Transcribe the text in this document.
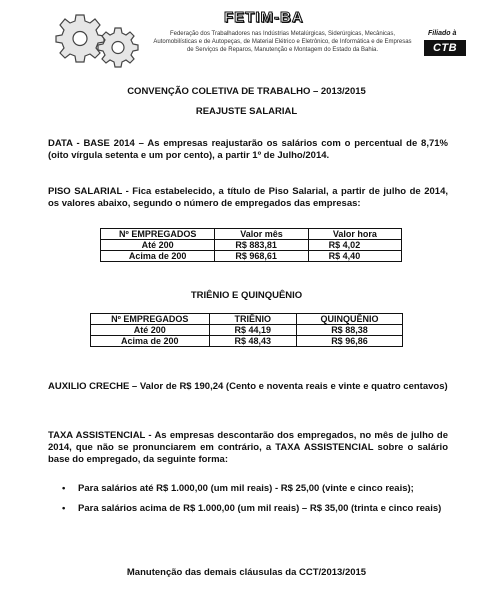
FETIM-BA
Federação dos Trabalhadores nas Indústrias Metalúrgicas, Siderúrgicas, Mecânicas, Automobilísticas e de Autopeças, de Material Elétrico e Eletrônico, de Informática e de Empresas de Serviços de Reparos, Manutenção e Montagem do Estado da Bahia.
Filiado à
CTB
CONVENÇÃO COLETIVA DE TRABALHO – 2013/2015
REAJUSTE SALARIAL
DATA - BASE 2014 – As empresas reajustarão os salários com o percentual de 8,71% (oito vírgula setenta e um por cento), a partir 1º de Julho/2014.
PISO SALARIAL - Fica estabelecido, a título de Piso Salarial, a partir de julho de 2014, os valores abaixo, segundo o número de empregados das empresas:
Nº EMPREGADOS	Valor mês	Valor hora
Até 200	R$ 883,81	R$ 4,02
Acima de 200	R$ 968,61	R$ 4,40
TRIÊNIO E QUINQUÊNIO
Nº EMPREGADOS	TRIÊNIO	QUINQUÊNIO
Até 200	R$ 44,19	R$ 88,38
Acima de 200	R$ 48,43	R$ 96,86
AUXILIO CRECHE – Valor de R$ 190,24 (Cento e noventa reais e vinte e quatro centavos)
TAXA ASSISTENCIAL - As empresas descontarão dos empregados, no mês de julho de 2014, que não se pronunciarem em contrário, a TAXA ASSISTENCIAL sobre o salário base do empregado, da seguinte forma:
• Para salários até R$ 1.000,00 (um mil reais) - R$ 25,00 (vinte e cinco reais);
• Para salários acima de R$ 1.000,00 (um mil reais) – R$ 35,00 (trinta e cinco reais)
Manutenção das demais cláusulas da CCT/2013/2015
